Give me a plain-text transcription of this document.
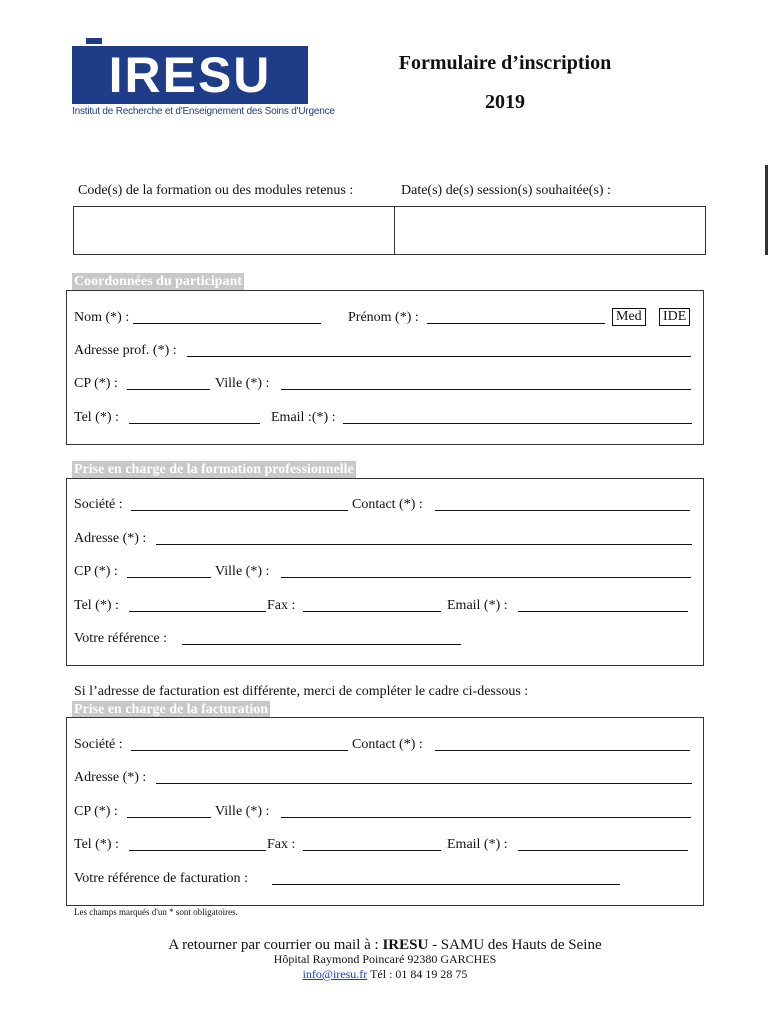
IRESU
Institut de Recherche et d'Enseignement des Soins d'Urgence
Formulaire d’inscription
2019
Code(s) de la formation ou des modules retenus :	Date(s) de(s) session(s) souhaitée(s) :
Coordonnées du participant
Nom (*) :	Prénom (*) :	Med IDE
Adresse prof. (*) :
CP (*) :	Ville (*) :
Tel (*) :	Email :(*) :
Prise en charge de la formation professionnelle
Société :	Contact (*) :
Adresse (*) :
CP (*) :	Ville (*) :
Tel (*) :	Fax :	Email (*) :
Votre référence :
Si l’adresse de facturation est différente, merci de compléter le cadre ci-dessous :
Prise en charge de la facturation
Société :	Contact (*) :
Adresse (*) :
CP (*) :	Ville (*) :
Tel (*) :	Fax :	Email (*) :
Votre référence de facturation :
Les champs marqués d'un * sont obligatoires.
A retourner par courrier ou mail à : IRESU - SAMU des Hauts de Seine
Hôpital Raymond Poincaré 92380 GARCHES
info@iresu.fr Tél : 01 84 19 28 75
